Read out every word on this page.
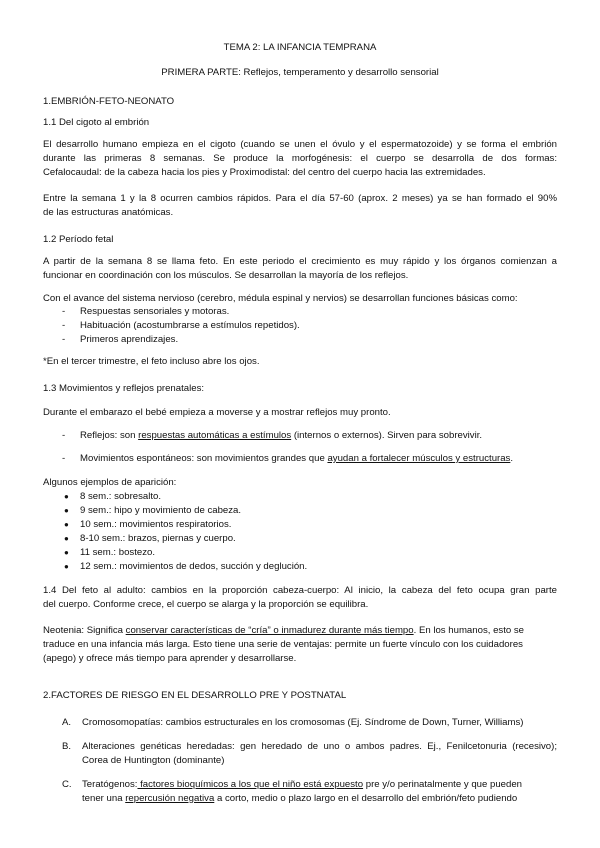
TEMA 2: LA INFANCIA TEMPRANA

PRIMERA PARTE: Reflejos, temperamento y desarrollo sensorial

1.EMBRIÓN-FETO-NEONATO

1.1 Del cigoto al embrión

El desarrollo humano empieza en el cigoto (cuando se unen el óvulo y el espermatozoide) y se forma el embrión

durante las primeras 8 semanas. Se produce la morfogénesis: el cuerpo se desarrolla de dos formas:

Cefalocaudal: de la cabeza hacia los pies y Proximodistal: del centro del cuerpo hacia las extremidades.

Entre la semana 1 y la 8 ocurren cambios rápidos. Para el día 57-60 (aprox. 2 meses) ya se han formado el 90%

de las estructuras anatómicas.

1.2 Período fetal

A partir de la semana 8 se llama feto. En este periodo el crecimiento es muy rápido y los órganos comienzan a

funcionar en coordinación con los músculos. Se desarrollan la mayoría de los reflejos.

Con el avance del sistema nervioso (cerebro, médula espinal y nervios) se desarrollan funciones básicas como:

- Respuestas sensoriales y motoras.

- Habituación (acostumbrarse a estímulos repetidos).

- Primeros aprendizajes.

*En el tercer trimestre, el feto incluso abre los ojos.

1.3 Movimientos y reflejos prenatales:

Durante el embarazo el bebé empieza a moverse y a mostrar reflejos muy pronto.

- Reflejos: son respuestas automáticas a estímulos (internos o externos). Sirven para sobrevivir.

- Movimientos espontáneos: son movimientos grandes que ayudan a fortalecer músculos y estructuras.

Algunos ejemplos de aparición:

● 8 sem.: sobresalto.

● 9 sem.: hipo y movimiento de cabeza.

● 10 sem.: movimientos respiratorios.

● 8-10 sem.: brazos, piernas y cuerpo.

● 11 sem.: bostezo.

● 12 sem.: movimientos de dedos, succión y deglución.

1.4 Del feto al adulto: cambios en la proporción cabeza-cuerpo: Al inicio, la cabeza del feto ocupa gran parte

del cuerpo. Conforme crece, el cuerpo se alarga y la proporción se equilibra.

Neotenia: Significa conservar características de “cría” o inmadurez durante más tiempo. En los humanos, esto se

traduce en una infancia más larga. Esto tiene una serie de ventajas: permite un fuerte vínculo con los cuidadores

(apego) y ofrece más tiempo para aprender y desarrollarse.

2.FACTORES DE RIESGO EN EL DESARROLLO PRE Y POSTNATAL

A. Cromosomopatías: cambios estructurales en los cromosomas (Ej. Síndrome de Down, Turner, Williams)

B. Alteraciones genéticas heredadas: gen heredado de uno o ambos padres. Ej., Fenilcetonuria (recesivo);

Corea de Huntington (dominante)

C. Teratógenos: factores bioquímicos a los que el niño está expuesto pre y/o perinatalmente y que pueden

tener una repercusión negativa a corto, medio o plazo largo en el desarrollo del embrión/feto pudiendo
